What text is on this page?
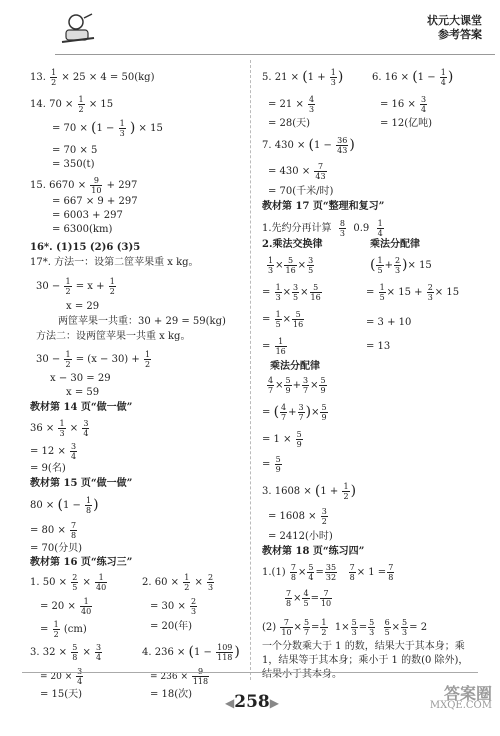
状元大课堂
参考答案
13. $\frac{1}{2} \times 25 \times 4 = 50(kg)$
14. $70 \times \frac{1}{2} \times 15$
= $70 \times (1 - \frac{1}{3}$ ) × 15
= 70 × 5
= 350(t)
15. $6670 \times \frac{9}{10} + 297$
= 667 × 9 + 297
= 6003 + 297
= 6300(km)
16*. (1)15 (2)6 (3)5
17*. 方法一：设第二筐苹果重 x kg。
$30 - \frac{1}{2} = x + \frac{1}{2}$
x = 29
两筐苹果一共重：30 + 29 = 59(kg)
方法二：设两筐苹果一共重 x kg。
$30 - \frac{1}{2} = (x - 30) + \frac{1}{2}$
x − 30 = 29
x = 59
教材第 14 页“做一做”
$36 \times \frac{1}{3} \times \frac{3}{4}$
= $12 \times \frac{3}{4}$
= 9(名)
教材第 15 页“做一做”
$80 \times (1 - \frac{1}{8}$ )
= $80 \times \frac{7}{8}$
= 70(分贝)
教材第 16 页“练习三”
1. $50 \times \frac{2}{5} \times \frac{1}{40}$	2. $60 \times \frac{1}{2} \times \frac{2}{3}$
= $20 \times \frac{1}{40}$	= $30 \times \frac{2}{3}$
= $\frac{1}{2} (cm)$	= 20(年)
3. $32 \times \frac{5}{8} \times \frac{3}{4}$	4. $236 \times (1 - \frac{109}{118}$ )
= $20 \times \frac{3}{4}$	= $236 \times \frac{9}{118}$
= 15(天)	= 18(次)
5. $21 \times (1 + \frac{1}{3}$ )	6. $16 \times (1 - \frac{1}{4}$ )
= $21 \times \frac{4}{3}$	= $16 \times \frac{3}{4}$
= 28(天)	= 12(亿吨)
7. $430 \times (1 - \frac{36}{43}$ )
= $430 \times \frac{7}{43}$
= 70(千米/时)
教材第 17 页“整理和复习”
1.先约分再计算 $\frac{8}{3} 0.9 \frac{1}{4}$
2.乘法交换律	乘法分配律
$\frac{1}{3} \times \frac{5}{16} \times \frac{3}{5}$	( $\frac{1}{5} + \frac{2}{3}$ )× 15
= $\frac{1}{3} \times \frac{3}{5} \times \frac{5}{16}$	= $\frac{1}{5} \times 15 + \frac{2}{3} \times 15$
= $\frac{1}{5} \times \frac{5}{16}$	= 3 + 10
= $\frac{1}{16}$	= 13
乘法分配律
$\frac{4}{7} \times \frac{5}{9} + \frac{3}{7} \times \frac{5}{9}$
= ( $\frac{4}{7} + \frac{3}{7}$ )× $\frac{5}{9}$
= $1 \times \frac{5}{9}$
= $\frac{5}{9}$
3. $1608 \times (1 + \frac{1}{2}$ )
= $1608 \times \frac{3}{2}$
= 2412(小时)
教材第 18 页“练习四”
$1.(1) \frac{7}{8} \times \frac{5}{4} = \frac{35}{32}$
$\frac{7}{8} \times 1 = \frac{7}{8}$
$\frac{7}{8} \times \frac{4}{5} = \frac{7}{10}$
$(2) \frac{7}{10} \times \frac{5}{7} = \frac{1}{2} 1\times \frac{5}{3} = \frac{5}{3}$
$\frac{6}{5} \times \frac{5}{3} = 2$
一个分数乘大于 1 的数，结果大于其本身；乘
1，结果等于其本身；乘小于 1 的数(0 除外)，
结果小于其本身。
◀258▶	答案圈
MXQE.COM
